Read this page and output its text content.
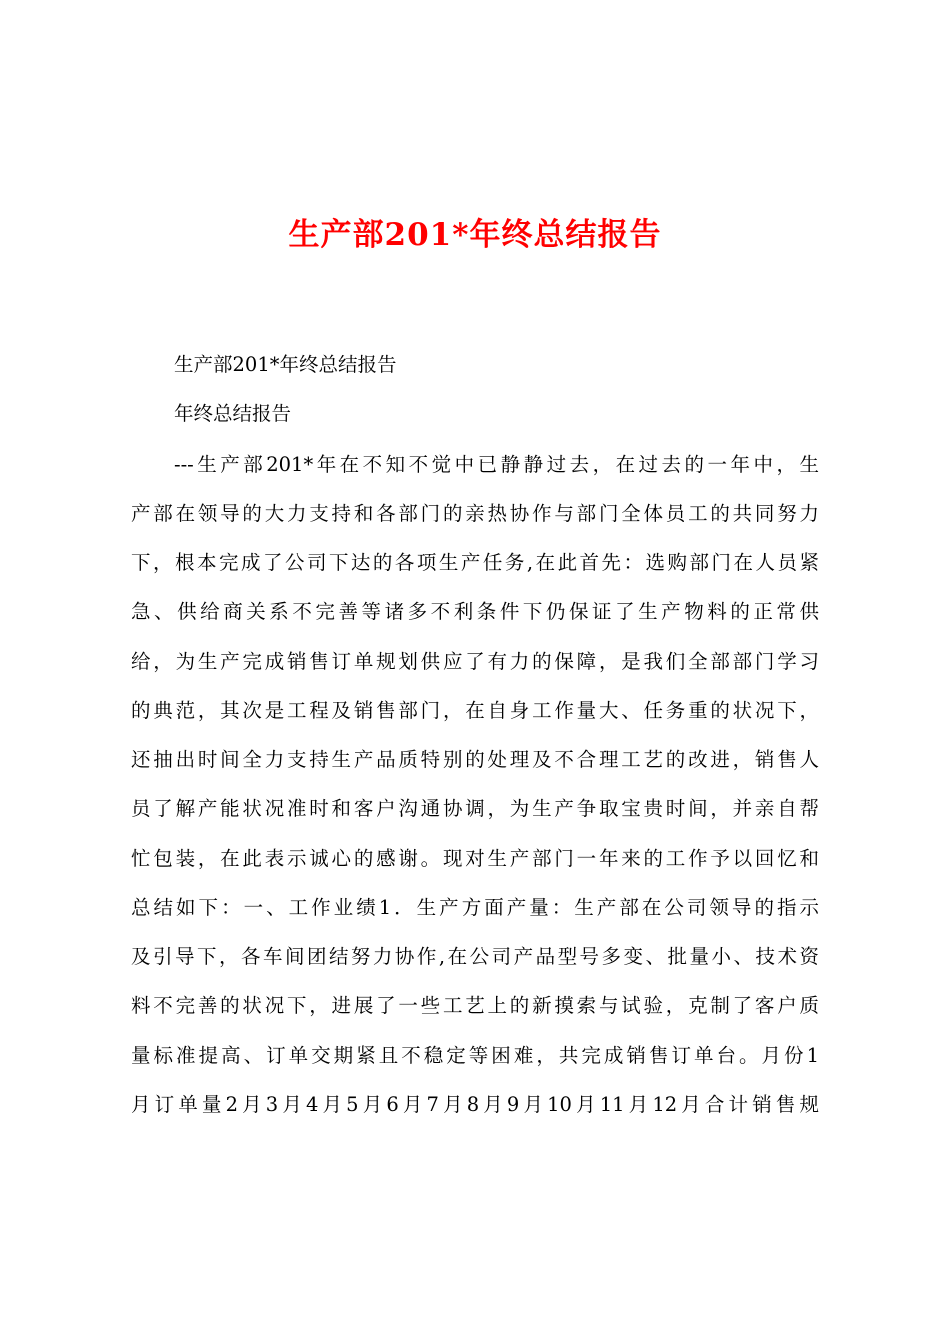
生产部201*年终总结报告
生产部201*年终总结报告
年终总结报告
---生产部201*年在不知不觉中已静静过去，在过去的一年中，生
产部在领导的大力支持和各部门的亲热协作与部门全体员工的共同努力
下，根本完成了公司下达的各项生产任务,在此首先：选购部门在人员紧
急、供给商关系不完善等诸多不利条件下仍保证了生产物料的正常供
给，为生产完成销售订单规划供应了有力的保障，是我们全部部门学习
的典范，其次是工程及销售部门，在自身工作量大、任务重的状况下，
还抽出时间全力支持生产品质特别的处理及不合理工艺的改进，销售人
员了解产能状况准时和客户沟通协调，为生产争取宝贵时间，并亲自帮
忙包装，在此表示诚心的感谢。现对生产部门一年来的工作予以回忆和
总结如下：一、工作业绩1．生产方面产量：生产部在公司领导的指示
及引导下，各车间团结努力协作,在公司产品型号多变、批量小、技术资
料不完善的状况下，进展了一些工艺上的新摸索与试验，克制了客户质
量标准提高、订单交期紧且不稳定等困难，共完成销售订单台。月份1
月订单量2月3月4月5月6月7月8月9月10月11月12月合计销售规
